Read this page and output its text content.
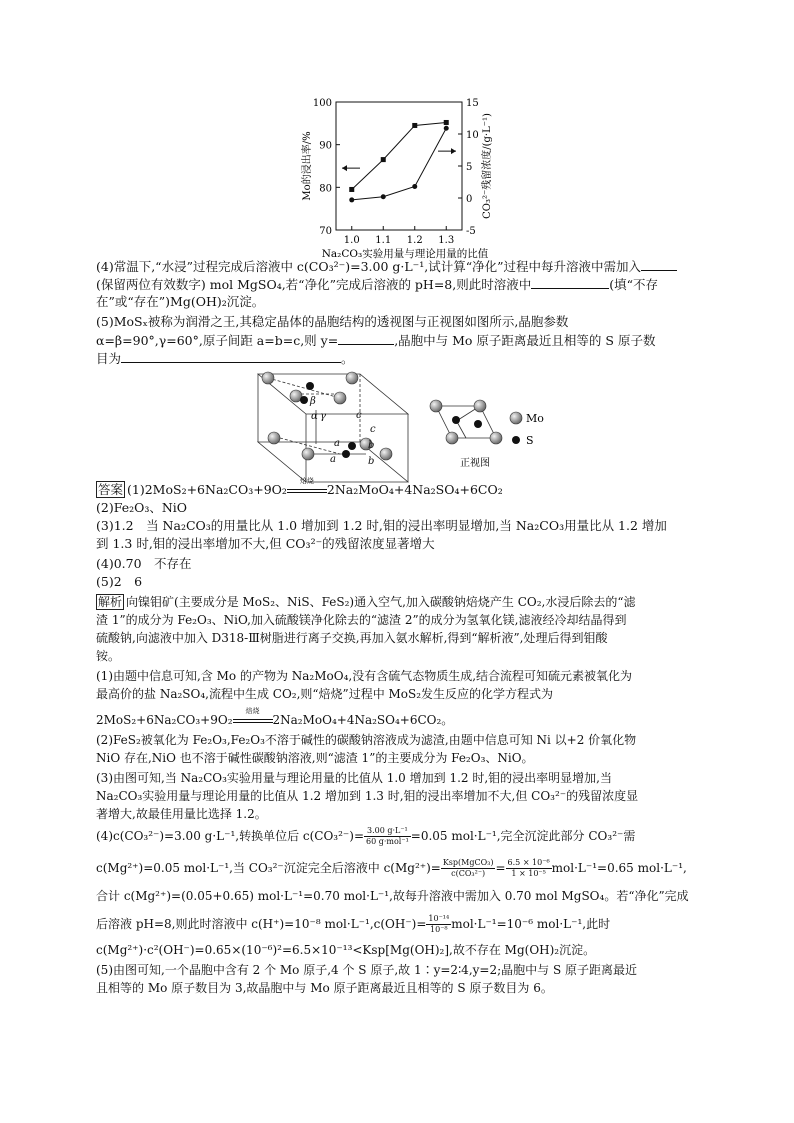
70
80
90
100
-5
0
5
10
15
1.0 1.1 1.2 1.3
Na₂CO₃实验用量与理论用量的比值
Mo的浸出率/%	CO₃²⁻残留浓度/(g·L⁻¹)
(4)常温下,“水浸”过程完成后溶液中 c(CO₃²⁻)=3.00 g·L⁻¹,试计算“净化”过程中每升溶液中需加入
(保留两位有效数字) mol MgSO₄,若“净化”完成后溶液的 pH=8,则此时溶液中	(填“不存
在”或“存在”)Mg(OH)₂沉淀。
(5)MoSₓ被称为润滑之王,其稳定晶体的晶胞结构的透视图与正视图如图所示,晶胞参数
α=β=90°,γ=60°,原子间距 a=b=c,则 y=	,晶胞中与 Mo 原子距离最近且相等的 S 原子数
目为	。
β
α γ	c
c
a	b
a	b	正视图
Mo
S
答案 (1)2MoS₂+6Na₂CO₃+9O₂
焙烧
2Na₂MoO₄+4Na₂SO₄+6CO₂
(2)Fe₂O₃、NiO
(3)1.2　当 Na₂CO₃的用量比从 1.0 增加到 1.2 时,钼的浸出率明显增加,当 Na₂CO₃用量比从 1.2 增加
到 1.3 时,钼的浸出率增加不大,但 CO₃²⁻的残留浓度显著增大
(4)0.70　不存在
(5)2　6
解析 向镍钼矿(主要成分是 MoS₂、NiS、FeS₂)通入空气,加入碳酸钠焙烧产生 CO₂,水浸后除去的“滤
渣 1”的成分为 Fe₂O₃、NiO,加入硫酸镁净化除去的“滤渣 2”的成分为氢氧化镁,滤液经冷却结晶得到
硫酸钠,向滤液中加入 D318-Ⅲ树脂进行离子交换,再加入氨水解析,得到“解析液”,处理后得到钼酸
铵。
(1)由题中信息可知,含 Mo 的产物为 Na₂MoO₄,没有含硫气态物质生成,结合流程可知硫元素被氧化为
最高价的盐 Na₂SO₄,流程中生成 CO₂,则“焙烧”过程中 MoS₂发生反应的化学方程式为
2MoS₂+6Na₂CO₃+9O₂
焙烧
2Na₂MoO₄+4Na₂SO₄+6CO₂。
(2)FeS₂被氧化为 Fe₂O₃,Fe₂O₃不溶于碱性的碳酸钠溶液成为滤渣,由题中信息可知 Ni 以+2 价氧化物
NiO 存在,NiO 也不溶于碱性碳酸钠溶液,则“滤渣 1”的主要成分为 Fe₂O₃、NiO。
(3)由图可知,当 Na₂CO₃实验用量与理论用量的比值从 1.0 增加到 1.2 时,钼的浸出率明显增加,当
Na₂CO₃实验用量与理论用量的比值从 1.2 增加到 1.3 时,钼的浸出率增加不大,但 CO₃²⁻的残留浓度显
著增大,故最佳用量比选择 1.2。
(4)c(CO₃²⁻)=3.00 g·L⁻¹,转换单位后 $c(CO_3^{2-})= \frac{\text{3.00 g·L⁻¹}}{\text{60 g·mol⁻¹}} =0.05$ mol·L⁻¹,完全沉淀此部分 CO₃²⁻需
c(Mg²⁺)=0.05 mol·L⁻¹,当 CO₃²⁻沉淀完全后溶液中 $c(Mg^{2+})= \frac{\text{Ksp(MgCO₃)}}{\text{c(CO₃²⁻)}} = \frac{\text{6.5 × 10⁻⁶}}{\text{1 × 10⁻⁵}} mol\cdot L^{-1}=0.65$ mol·L⁻¹,
合计 c(Mg²⁺)=(0.05+0.65) mol·L⁻¹=0.70 mol·L⁻¹,故每升溶液中需加入 0.70 mol MgSO₄。若“净化”完成
后溶液 pH=8,则此时溶液中 c(H⁺)=10⁻⁸ $mol\cdot L^{-1},c(OH^-)= \frac{\text{10⁻¹⁴}}{\text{10⁻⁸}} mol\cdot L^{-1}=10^{-6}$ mol·L⁻¹,此时
c(Mg²⁺)·c²(OH⁻)=0.65×(10⁻⁶)²=6.5×10⁻¹³<Ksp[Mg(OH)₂],故不存在 Mg(OH)₂沉淀。
(5)由图可知,一个晶胞中含有 2 个 Mo 原子,4 个 S 原子,故 1∶y=2∶4,y=2;晶胞中与 S 原子距离最近
且相等的 Mo 原子数目为 3,故晶胞中与 Mo 原子距离最近且相等的 S 原子数目为 6。
